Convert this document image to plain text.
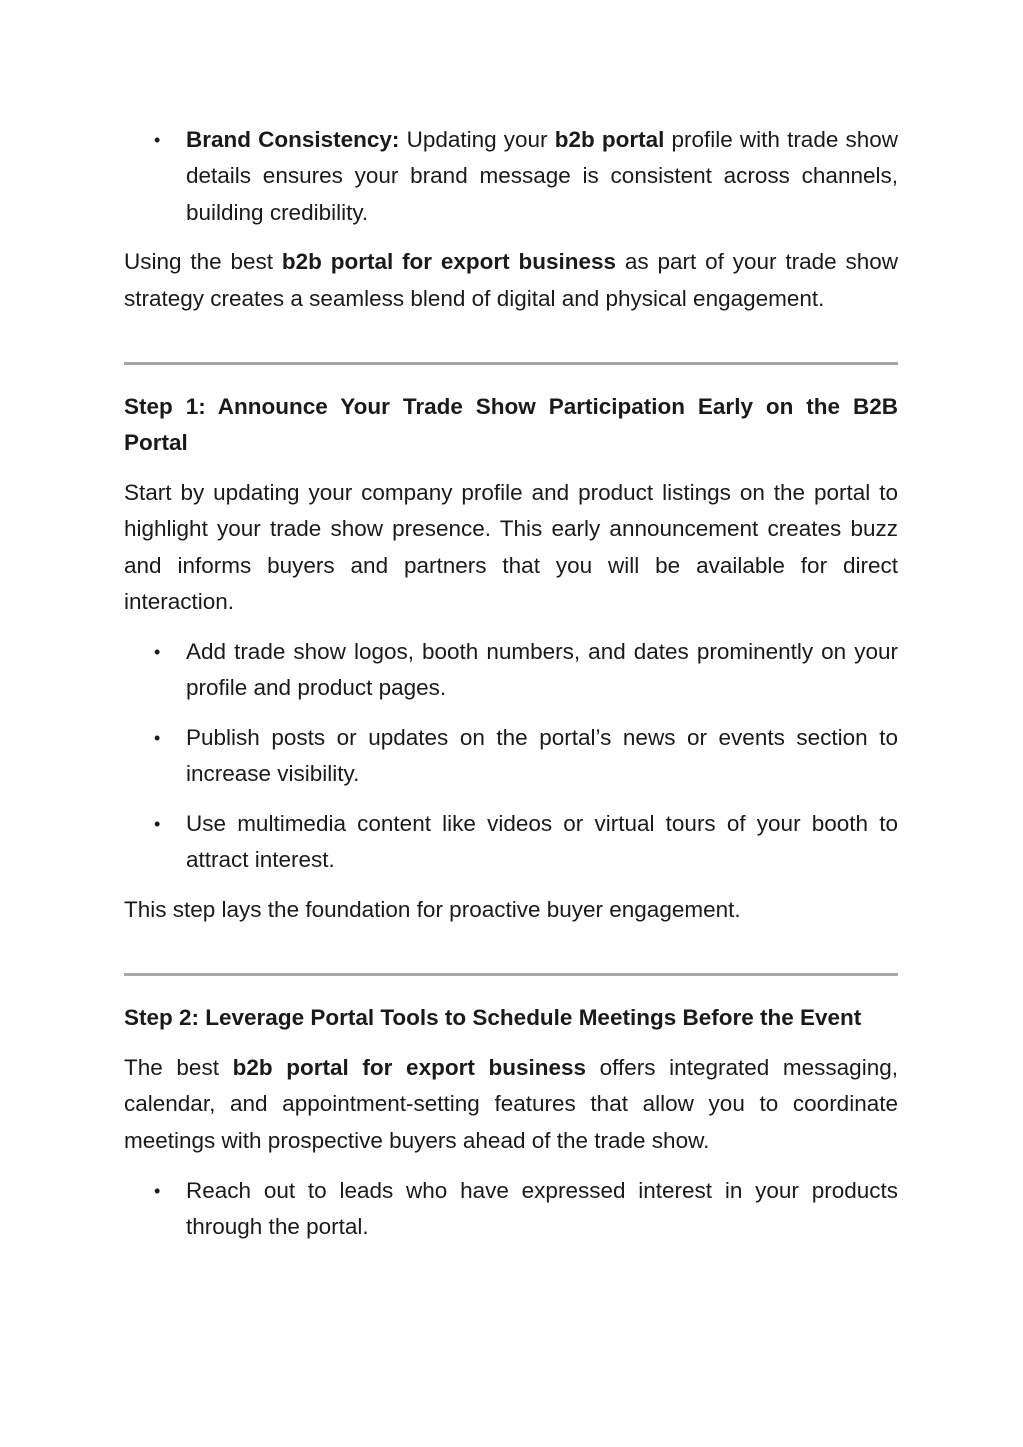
• Brand Consistency: Updating your b2b portal profile with trade show details ensures your brand message is consistent across channels, building credibility.

Using the best b2b portal for export business as part of your trade show strategy creates a seamless blend of digital and physical engagement.

Step 1: Announce Your Trade Show Participation Early on the B2B Portal

Start by updating your company profile and product listings on the portal to highlight your trade show presence. This early announcement creates buzz and informs buyers and partners that you will be available for direct interaction.

• Add trade show logos, booth numbers, and dates prominently on your profile and product pages.
• Publish posts or updates on the portal’s news or events section to increase visibility.
• Use multimedia content like videos or virtual tours of your booth to attract interest.

This step lays the foundation for proactive buyer engagement.

Step 2: Leverage Portal Tools to Schedule Meetings Before the Event

The best b2b portal for export business offers integrated messaging, calendar, and appointment-setting features that allow you to coordinate meetings with prospective buyers ahead of the trade show.

• Reach out to leads who have expressed interest in your products through the portal.
